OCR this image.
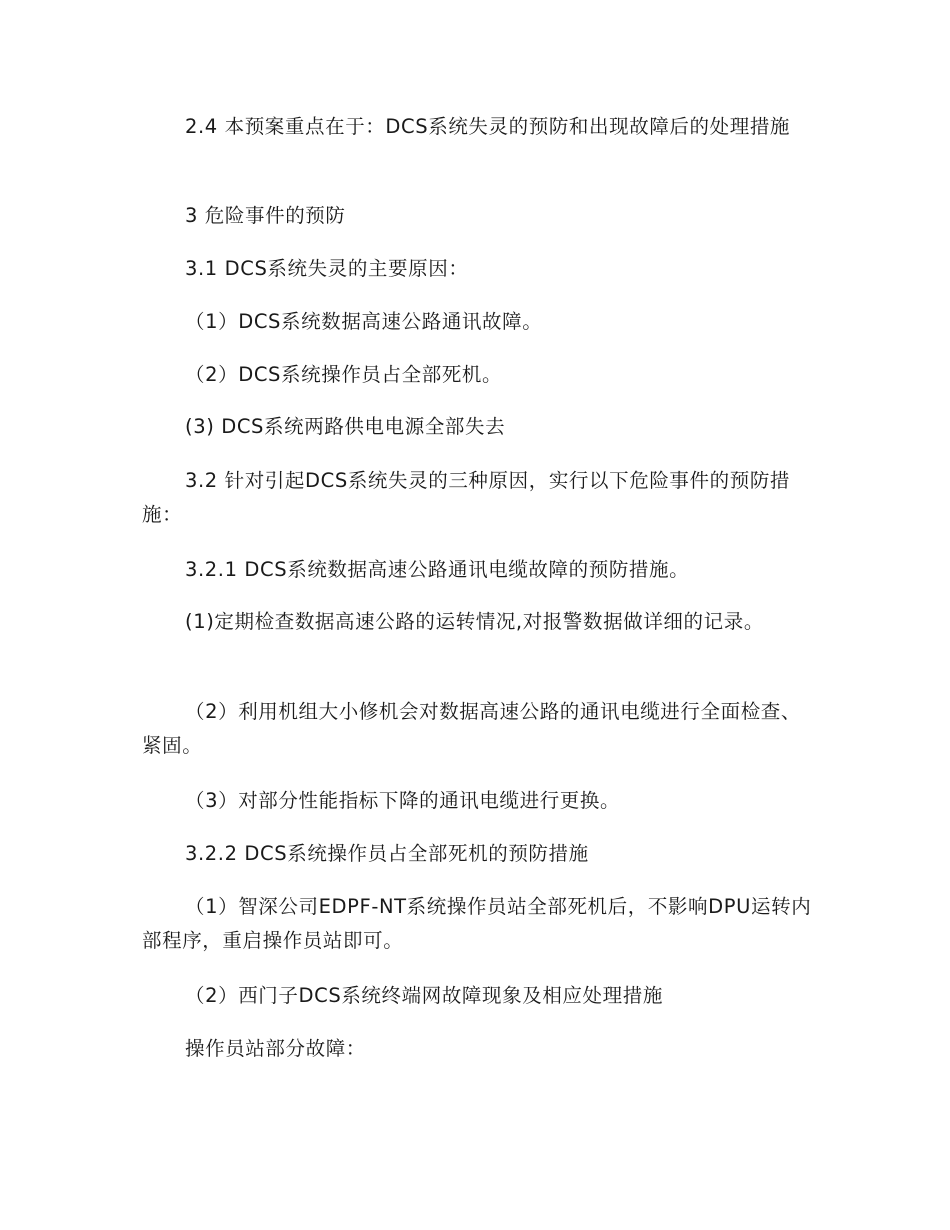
2.4 本预案重点在于：DCS系统失灵的预防和出现故障后的处理措施

3 危险事件的预防

3.1 DCS系统失灵的主要原因：

（1）DCS系统数据高速公路通讯故障。

（2）DCS系统操作员占全部死机。

(3) DCS系统两路供电电源全部失去

3.2 针对引起DCS系统失灵的三种原因，实行以下危险事件的预防措施：

3.2.1 DCS系统数据高速公路通讯电缆故障的预防措施。

(1)定期检查数据高速公路的运转情况,对报警数据做详细的记录。

（2）利用机组大小修机会对数据高速公路的通讯电缆进行全面检查、紧固。

（3）对部分性能指标下降的通讯电缆进行更换。

3.2.2 DCS系统操作员占全部死机的预防措施

（1）智深公司EDPF-NT系统操作员站全部死机后，不影响DPU运转内部程序，重启操作员站即可。

（2）西门子DCS系统终端网故障现象及相应处理措施

操作员站部分故障：
